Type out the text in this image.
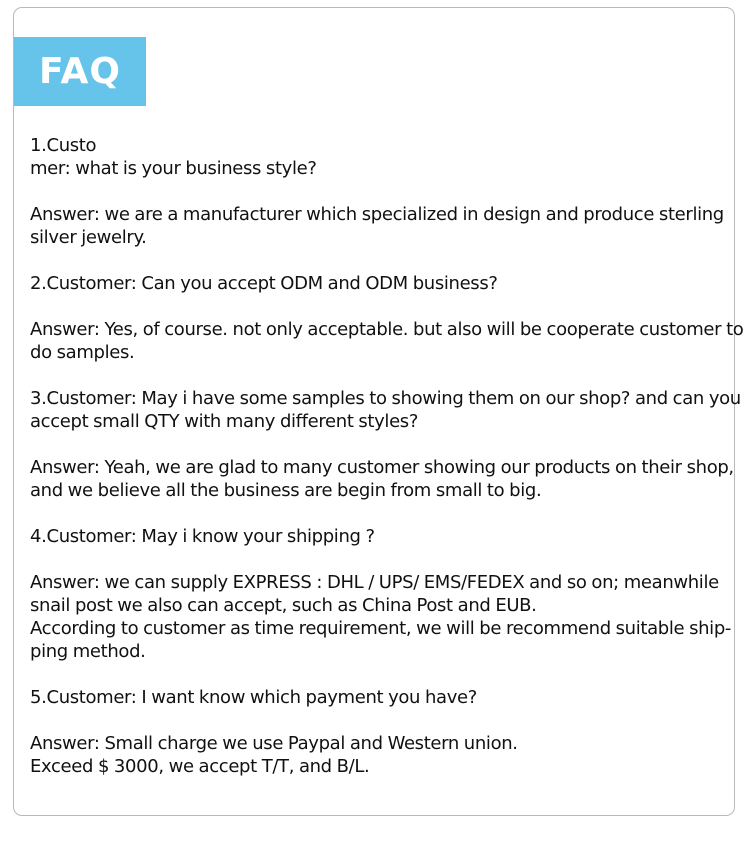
FAQ
1.Custo
mer: what is your business style?
Answer: we are a manufacturer which specialized in design and produce sterling
silver jewelry.
2.Customer: Can you accept ODM and ODM business?
Answer: Yes, of course. not only acceptable. but also will be cooperate customer to
do samples.
3.Customer: May i have some samples to showing them on our shop? and can you
accept small QTY with many different styles?
Answer: Yeah, we are glad to many customer showing our products on their shop,
and we believe all the business are begin from small to big.
4.Customer: May i know your shipping ?
Answer: we can supply EXPRESS : DHL / UPS/ EMS/FEDEX and so on; meanwhile
snail post we also can accept, such as China Post and EUB.
According to customer as time requirement, we will be recommend suitable ship-
ping method.
5.Customer: I want know which payment you have?
Answer: Small charge we use Paypal and Western union.
Exceed $ 3000, we accept T/T, and B/L.
